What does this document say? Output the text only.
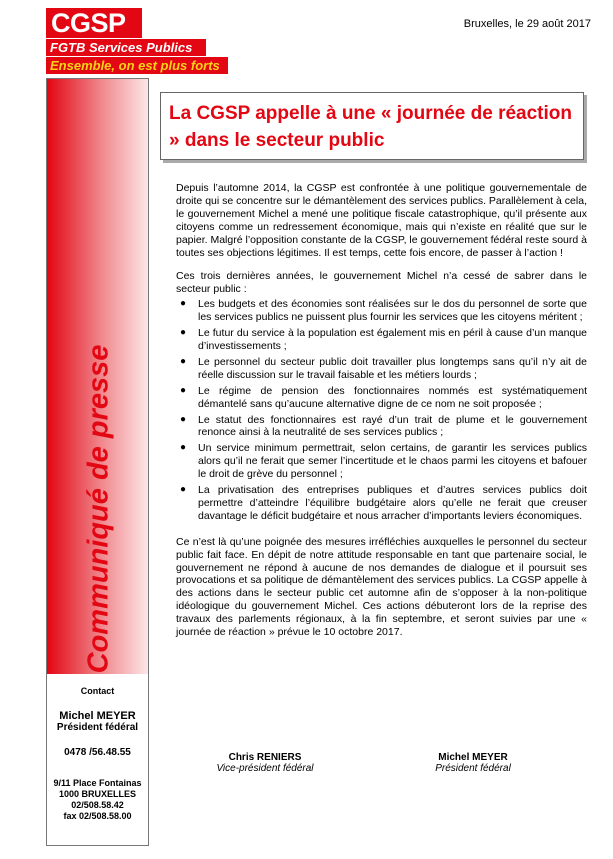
CGSP
FGTB Services Publics
Ensemble, on est plus forts
Bruxelles, le 29 août 2017
Communiqué de presse
Contact
Michel MEYER
Président fédéral
0478 /56.48.55
9/11 Place Fontainas
1000 BRUXELLES
02/508.58.42
fax 02/508.58.00
La CGSP appelle à une « journée de réaction » dans le secteur public

Depuis l’automne 2014, la CGSP est confrontée à une politique gouvernementale de droite qui se concentre sur le démantèlement des services publics. Parallèlement à cela, le gouvernement Michel a mené une politique fiscale catastrophique, qu’il présente aux citoyens comme un redressement économique, mais qui n’existe en réalité que sur le papier. Malgré l’opposition constante de la CGSP, le gouvernement fédéral reste sourd à toutes ses objections légitimes. Il est temps, cette fois encore, de passer à l’action !

Ces trois dernières années, le gouvernement Michel n’a cessé de sabrer dans le secteur public :

● Les budgets et des économies sont réalisées sur le dos du personnel de sorte que les services publics ne puissent plus fournir les services que les citoyens méritent ;
● Le futur du service à la population est également mis en péril à cause d’un manque d’investissements ;
● Le personnel du secteur public doit travailler plus longtemps sans qu’il n’y ait de réelle discussion sur le travail faisable et les métiers lourds ;
● Le régime de pension des fonctionnaires nommés est systématiquement démantelé sans qu’aucune alternative digne de ce nom ne soit proposée ;
● Le statut des fonctionnaires est rayé d’un trait de plume et le gouvernement renonce ainsi à la neutralité de ses services publics ;
● Un service minimum permettrait, selon certains, de garantir les services publics alors qu’il ne ferait que semer l’incertitude et le chaos parmi les citoyens et bafouer le droit de grève du personnel ;
● La privatisation des entreprises publiques et d’autres services publics doit permettre d’atteindre l’équilibre budgétaire alors qu’elle ne ferait que creuser davantage le déficit budgétaire et nous arracher d’importants leviers économiques.

Ce n’est là qu’une poignée des mesures irréfléchies auxquelles le personnel du secteur public fait face. En dépit de notre attitude responsable en tant que partenaire social, le gouvernement ne répond à aucune de nos demandes de dialogue et il poursuit ses provocations et sa politique de démantèlement des services publics. La CGSP appelle à des actions dans le secteur public cet automne afin de s’opposer à la non-politique idéologique du gouvernement Michel. Ces actions débuteront lors de la reprise des travaux des parlements régionaux, à la fin septembre, et seront suivies par une « journée de réaction » prévue le 10 octobre 2017.

Chris RENIERS
Vice-président fédéral
Michel MEYER
Président fédéral
